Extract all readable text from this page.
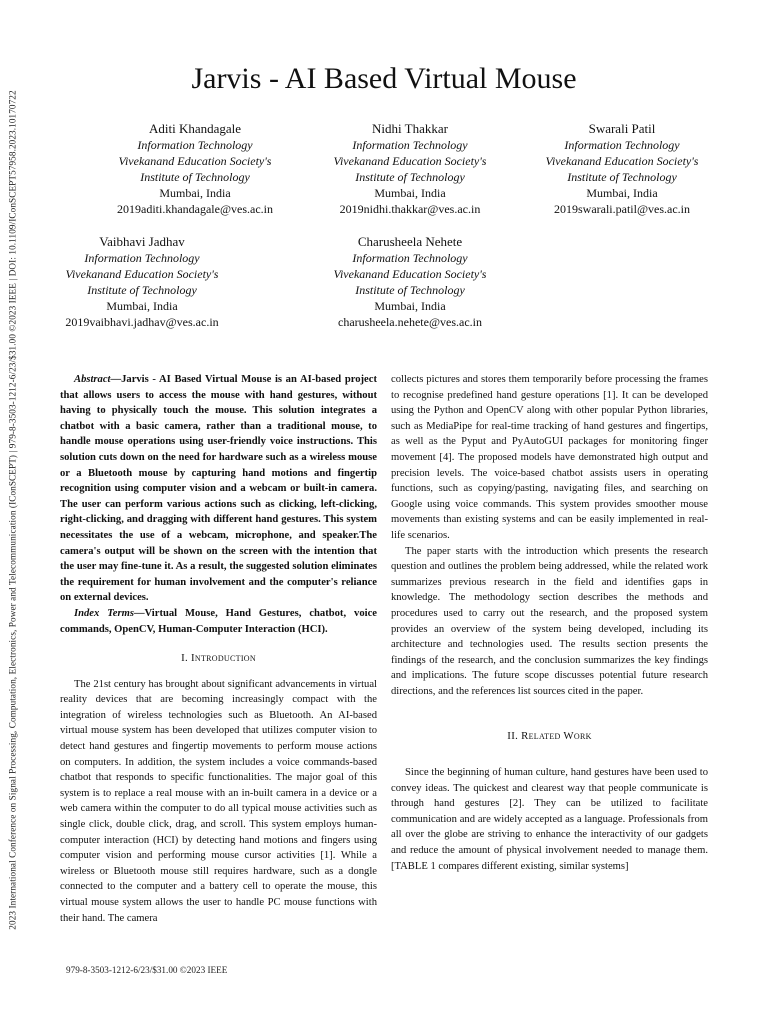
2023 International Conference on Signal Processing, Computation, Electronics, Power and Telecommunication (IConSCEPT) | 979-8-3503-1212-6/23/$31.00 ©2023 IEEE | DOI: 10.1109/IConSCEPT57958.2023.10170722
Jarvis - AI Based Virtual Mouse
Aditi Khandagale
Information Technology
Vivekanand Education Society's
Institute of Technology
Mumbai, India
2019aditi.khandagale@ves.ac.in
Nidhi Thakkar
Information Technology
Vivekanand Education Society's
Institute of Technology
Mumbai, India
2019nidhi.thakkar@ves.ac.in
Swarali Patil
Information Technology
Vivekanand Education Society's
Institute of Technology
Mumbai, India
2019swarali.patil@ves.ac.in
Vaibhavi Jadhav
Information Technology
Vivekanand Education Society's
Institute of Technology
Mumbai, India
2019vaibhavi.jadhav@ves.ac.in
Charusheela Nehete
Information Technology
Vivekanand Education Society's
Institute of Technology
Mumbai, India
charusheela.nehete@ves.ac.in

Abstract—Jarvis - AI Based Virtual Mouse is an AI-based project that allows users to access the mouse with hand gestures, without having to physically touch the mouse. This solution integrates a chatbot with a basic camera, rather than a traditional mouse, to handle mouse operations using user-friendly voice instructions. This solution cuts down on the need for hardware such as a wireless mouse or a Bluetooth mouse by capturing hand motions and fingertip recognition using computer vision and a webcam or built-in camera. The user can perform various actions such as clicking, left-clicking, right-clicking, and dragging with different hand gestures. This system necessitates the use of a webcam, microphone, and speaker.The camera's output will be shown on the screen with the intention that the user may fine-tune it. As a result, the suggested solution eliminates the requirement for human involvement and the computer's reliance on external devices.

Index Terms—Virtual Mouse, Hand Gestures, chatbot, voice commands, OpenCV, Human-Computer Interaction (HCI).

I. Introduction

The 21st century has brought about significant advancements in virtual reality devices that are becoming increasingly compact with the integration of wireless technologies such as Bluetooth. An AI-based virtual mouse system has been developed that utilizes computer vision to detect hand gestures and fingertip movements to perform mouse actions on computers. In addition, the system includes a voice commands-based chatbot that responds to specific functionalities. The major goal of this system is to replace a real mouse with an in-built camera in a device or a web camera within the computer to do all typical mouse activities such as single click, double click, drag, and scroll. This system employs human-computer interaction (HCI) by detecting hand motions and fingers using computer vision and performing mouse cursor activities [1]. While a wireless or Bluetooth mouse still requires hardware, such as a dongle connected to the computer and a battery cell to operate the mouse, this virtual mouse system allows the user to handle PC mouse functions with their hand. The camera

collects pictures and stores them temporarily before processing the frames to recognise predefined hand gesture operations [1]. It can be developed using the Python and OpenCV along with other popular Python libraries, such as MediaPipe for real-time tracking of hand gestures and fingertips, as well as the Pyput and PyAutoGUI packages for monitoring finger movement [4]. The proposed models have demonstrated high output and precision levels. The voice-based chatbot assists users in operating functions, such as copying/pasting, navigating files, and searching on Google using voice commands. This system provides smoother mouse movements than existing systems and can be easily implemented in real-life scenarios.

The paper starts with the introduction which presents the research question and outlines the problem being addressed, while the related work summarizes previous research in the field and identifies gaps in knowledge. The methodology section describes the methods and procedures used to carry out the research, and the proposed system provides an overview of the system being developed, including its architecture and technologies used. The results section presents the findings of the research, and the conclusion summarizes the key findings and implications. The future scope discusses potential future research directions, and the references list sources cited in the paper.

II. Related Work

Since the beginning of human culture, hand gestures have been used to convey ideas. The quickest and clearest way that people communicate is through hand gestures [2]. They can be utilized to facilitate communication and are widely accepted as a language. Professionals from all over the globe are striving to enhance the interactivity of our gadgets and reduce the amount of physical involvement needed to manage them. [TABLE 1 compares different existing, similar systems]

979-8-3503-1212-6/23/$31.00 ©2023 IEEE
